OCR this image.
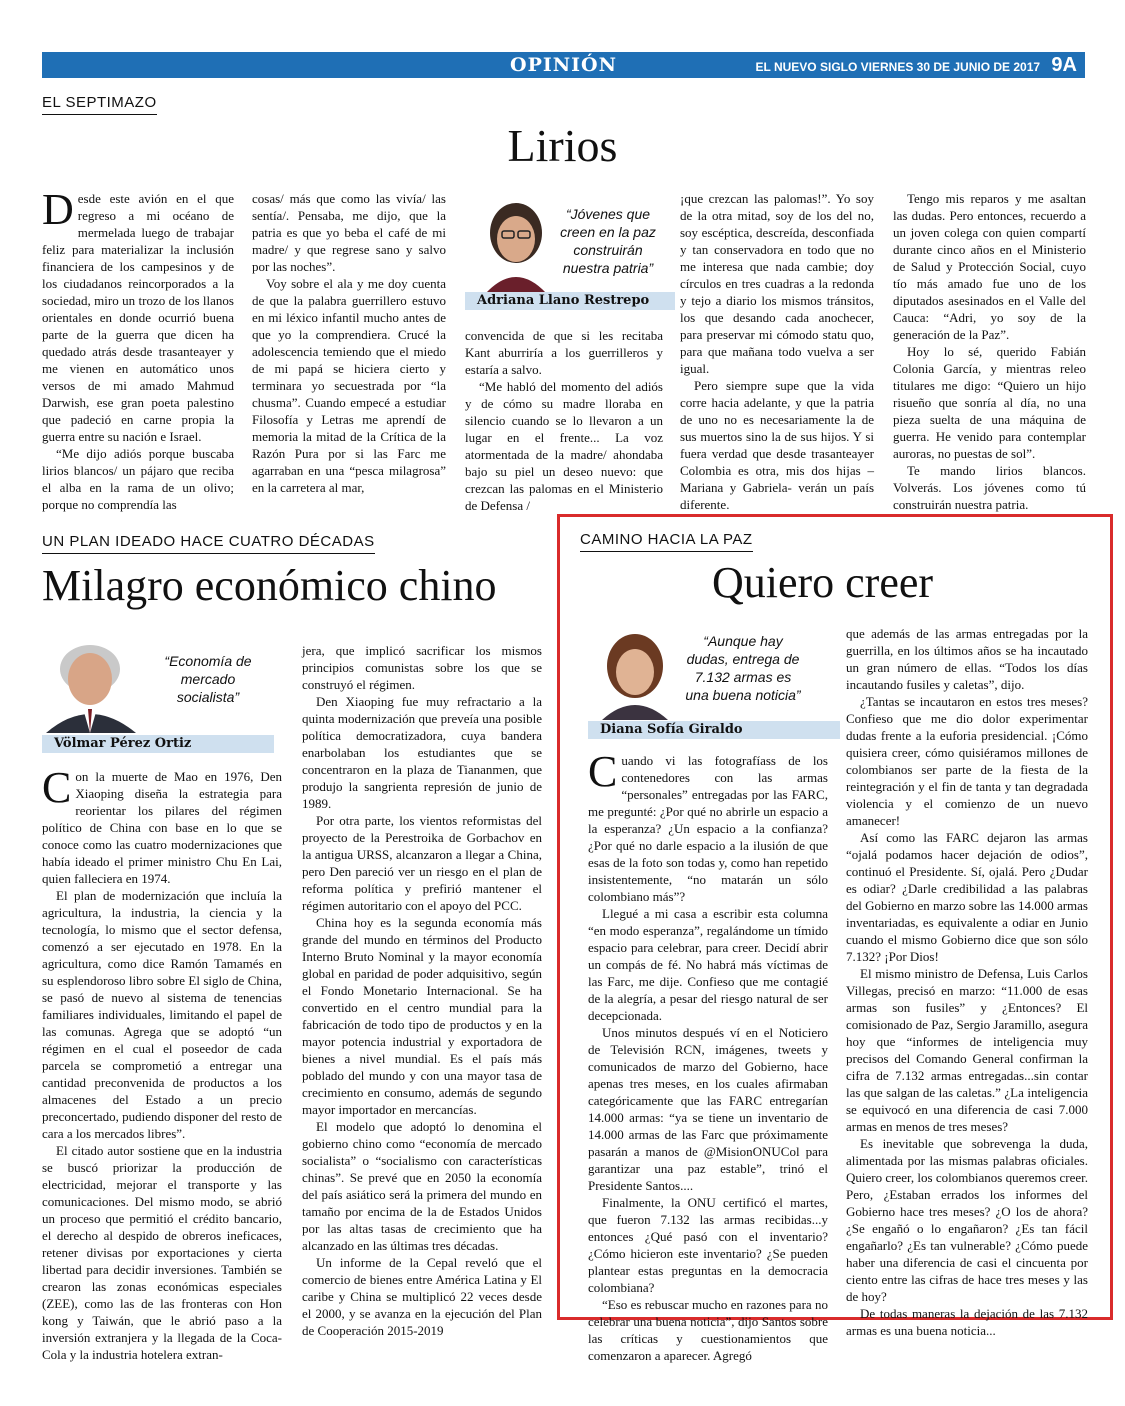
OPINIÓN	EL NUEVO SIGLO VIERNES 30 DE JUNIO DE 2017 9A
EL SEPTIMAZO
Lirios
D esde este avión en el que regreso a mi océano de mermelada luego de trabajar feliz para materializar la inclusión financiera de los campesinos y de los ciudadanos reincorporados a la sociedad, miro un trozo de los llanos orientales en donde ocurrió buena parte de la guerra que dicen ha quedado atrás desde trasanteayer y me vienen en automático unos versos de mi amado Mahmud Darwish, ese gran poeta palestino que padeció en carne propia la guerra entre su nación e Israel.

“Me dijo adiós porque buscaba lirios blancos/ un pájaro que reciba el alba en la rama de un olivo; porque no comprendía las

cosas/ más que como las vivía/ las sentía/. Pensaba, me dijo, que la patria es que yo beba el café de mi madre/ y que regrese sano y salvo por las noches”.

Voy sobre el ala y me doy cuenta de que la palabra guerrillero estuvo en mi léxico infantil mucho antes de que yo la comprendiera. Crucé la adolescencia temiendo que el miedo de mi papá se hiciera cierto y terminara yo secuestrada por “la chusma”. Cuando empecé a estudiar Filosofía y Letras me aprendí de memoria la mitad de la Crítica de la Razón Pura por si las Farc me agarraban en una “pesca milagrosa” en la carretera al mar,

“Jóvenes que creen en la paz construirán nuestra patria”
Adriana Llano Restrepo

convencida de que si les recitaba Kant aburriría a los guerrilleros y estaría a salvo.

“Me habló del momento del adiós y de cómo su madre lloraba en silencio cuando se lo llevaron a un lugar en el frente... La voz atormentada de la madre/ ahondaba bajo su piel un deseo nuevo: que crezcan las palomas en el Ministerio de Defensa /

¡que crezcan las palomas!”. Yo soy de la otra mitad, soy de los del no, soy escéptica, descreída, desconfiada y tan conservadora en todo que no me interesa que nada cambie; doy círculos en tres cuadras a la redonda y tejo a diario los mismos tránsitos, los que desando cada anochecer, para preservar mi cómodo statu quo, para que mañana todo vuelva a ser igual.

Pero siempre supe que la vida corre hacia adelante, y que la patria de uno no es necesariamente la de sus muertos sino la de sus hijos. Y si fuera verdad que desde trasanteayer Colombia es otra, mis dos hijas – Mariana y Gabriela- verán un país diferente.

Tengo mis reparos y me asaltan las dudas. Pero entonces, recuerdo a un joven colega con quien compartí durante cinco años en el Ministerio de Salud y Protección Social, cuyo tío más amado fue uno de los diputados asesinados en el Valle del Cauca: “Adri, yo soy de la generación de la Paz”.

Hoy lo sé, querido Fabián Colonia García, y mientras releo titulares me digo: “Quiero un hijo risueño que sonría al día, no una pieza suelta de una máquina de guerra. He venido para contemplar auroras, no puestas de sol”.

Te mando lirios blancos. Volverás. Los jóvenes como tú construirán nuestra patria.

UN PLAN IDEADO HACE CUATRO DÉCADAS
Milagro económico chino
“Economía de mercado socialista”
Völmar Pérez Ortiz
C on la muerte de Mao en 1976, Den Xiaoping diseña la estrategia para reorientar los pilares del régimen político de China con base en lo que se conoce como las cuatro modernizaciones que había ideado el primer ministro Chu En Lai, quien falleciera en 1974.

El plan de modernización que incluía la agricultura, la industria, la ciencia y la tecnología, lo mismo que el sector defensa, comenzó a ser ejecutado en 1978. En la agricultura, como dice Ramón Tamamés en su esplendoroso libro sobre El siglo de China, se pasó de nuevo al sistema de tenencias familiares individuales, limitando el papel de las comunas. Agrega que se adoptó “un régimen en el cual el poseedor de cada parcela se comprometió a entregar una cantidad preconvenida de productos a los almacenes del Estado a un precio preconcertado, pudiendo disponer del resto de cara a los mercados libres”.

El citado autor sostiene que en la industria se buscó priorizar la producción de electricidad, mejorar el transporte y las comunicaciones. Del mismo modo, se abrió un proceso que permitió el crédito bancario, el derecho al despido de obreros ineficaces, retener divisas por exportaciones y cierta libertad para decidir inversiones. También se crearon las zonas económicas especiales (ZEE), como las de las fronteras con Hon kong y Taiwán, que le abrió paso a la inversión extranjera y la llegada de la Coca-Cola y la industria hotelera extran-

jera, que implicó sacrificar los mismos principios comunistas sobre los que se construyó el régimen.

Den Xiaoping fue muy refractario a la quinta modernización que preveía una posible política democratizadora, cuya bandera enarbolaban los estudiantes que se concentraron en la plaza de Tiananmen, que produjo la sangrienta represión de junio de 1989.

Por otra parte, los vientos reformistas del proyecto de la Perestroika de Gorbachov en la antigua URSS, alcanzaron a llegar a China, pero Den pareció ver un riesgo en el plan de reforma política y prefirió mantener el régimen autoritario con el apoyo del PCC.

China hoy es la segunda economía más grande del mundo en términos del Producto Interno Bruto Nominal y la mayor economía global en paridad de poder adquisitivo, según el Fondo Monetario Internacional. Se ha convertido en el centro mundial para la fabricación de todo tipo de productos y en la mayor potencia industrial y exportadora de bienes a nivel mundial. Es el país más poblado del mundo y con una mayor tasa de crecimiento en consumo, además de segundo mayor importador en mercancías.

El modelo que adoptó lo denomina el gobierno chino como “economía de mercado socialista” o “socialismo con características chinas”. Se prevé que en 2050 la economía del país asiático será la primera del mundo en tamaño por encima de la de Estados Unidos por las altas tasas de crecimiento que ha alcanzado en las últimas tres décadas.

Un informe de la Cepal reveló que el comercio de bienes entre América Latina y El caribe y China se multiplicó 22 veces desde el 2000, y se avanza en la ejecución del Plan de Cooperación 2015-2019

CAMINO HACIA LA PAZ
Quiero creer
“Aunque hay dudas, entrega de 7.132 armas es una buena noticia”
Diana Sofía Giraldo
C uando vi las fotografíass de los contenedores con las armas “personales” entregadas por las FARC, me pregunté: ¿Por qué no abrirle un espacio a la esperanza? ¿Un espacio a la confianza? ¿Por qué no darle espacio a la ilusión de que esas de la foto son todas y, como han repetido insistentemente, “no matarán un sólo colombiano más”?

Llegué a mi casa a escribir esta columna “en modo esperanza”, regalándome un tímido espacio para celebrar, para creer. Decidí abrir un compás de fé. No habrá más víctimas de las Farc, me dije. Confieso que me contagié de la alegría, a pesar del riesgo natural de ser decepcionada.

Unos minutos después ví en el Noticiero de Televisión RCN, imágenes, tweets y comunicados de marzo del Gobierno, hace apenas tres meses, en los cuales afirmaban categóricamente que las FARC entregarían 14.000 armas: “ya se tiene un inventario de 14.000 armas de las Farc que próximamente pasarán a manos de @MisionONUCol para garantizar una paz estable”, trinó el Presidente Santos....

Finalmente, la ONU certificó el martes, que fueron 7.132 las armas recibidas...y entonces ¿Qué pasó con el inventario? ¿Cómo hicieron este inventario? ¿Se pueden plantear estas preguntas en la democracia colombiana?

“Eso es rebuscar mucho en razones para no celebrar una buena noticia”, dijo Santos sobre las críticas y cuestionamientos que comenzaron a aparecer. Agregó

que además de las armas entregadas por la guerrilla, en los últimos años se ha incautado un gran número de ellas. “Todos los días incautando fusiles y caletas”, dijo.

¿Tantas se incautaron en estos tres meses? Confieso que me dio dolor experimentar dudas frente a la euforia presidencial. ¡Cómo quisiera creer, cómo quisiéramos millones de colombianos ser parte de la fiesta de la reintegración y el fin de tanta y tan degradada violencia y el comienzo de un nuevo amanecer!

Así como las FARC dejaron las armas “ojalá podamos hacer dejación de odios”, continuó el Presidente. Sí, ojalá. Pero ¿Dudar es odiar? ¿Darle credibilidad a las palabras del Gobierno en marzo sobre las 14.000 armas inventariadas, es equivalente a odiar en Junio cuando el mismo Gobierno dice que son sólo 7.132? ¡Por Dios!

El mismo ministro de Defensa, Luis Carlos Villegas, precisó en marzo: “11.000 de esas armas son fusiles” y ¿Entonces? El comisionado de Paz, Sergio Jaramillo, asegura hoy que “informes de inteligencia muy precisos del Comando General confirman la cifra de 7.132 armas entregadas...sin contar las que salgan de las caletas.” ¿La inteligencia se equivocó en una diferencia de casi 7.000 armas en menos de tres meses?

Es inevitable que sobrevenga la duda, alimentada por las mismas palabras oficiales. Quiero creer, los colombianos queremos creer. Pero, ¿Estaban errados los informes del Gobierno hace tres meses? ¿O los de ahora? ¿Se engañó o lo engañaron? ¿Es tan fácil engañarlo? ¿Es tan vulnerable? ¿Cómo puede haber una diferencia de casi el cincuenta por ciento entre las cifras de hace tres meses y las de hoy?

De todas maneras la dejación de las 7.132 armas es una buena noticia...
